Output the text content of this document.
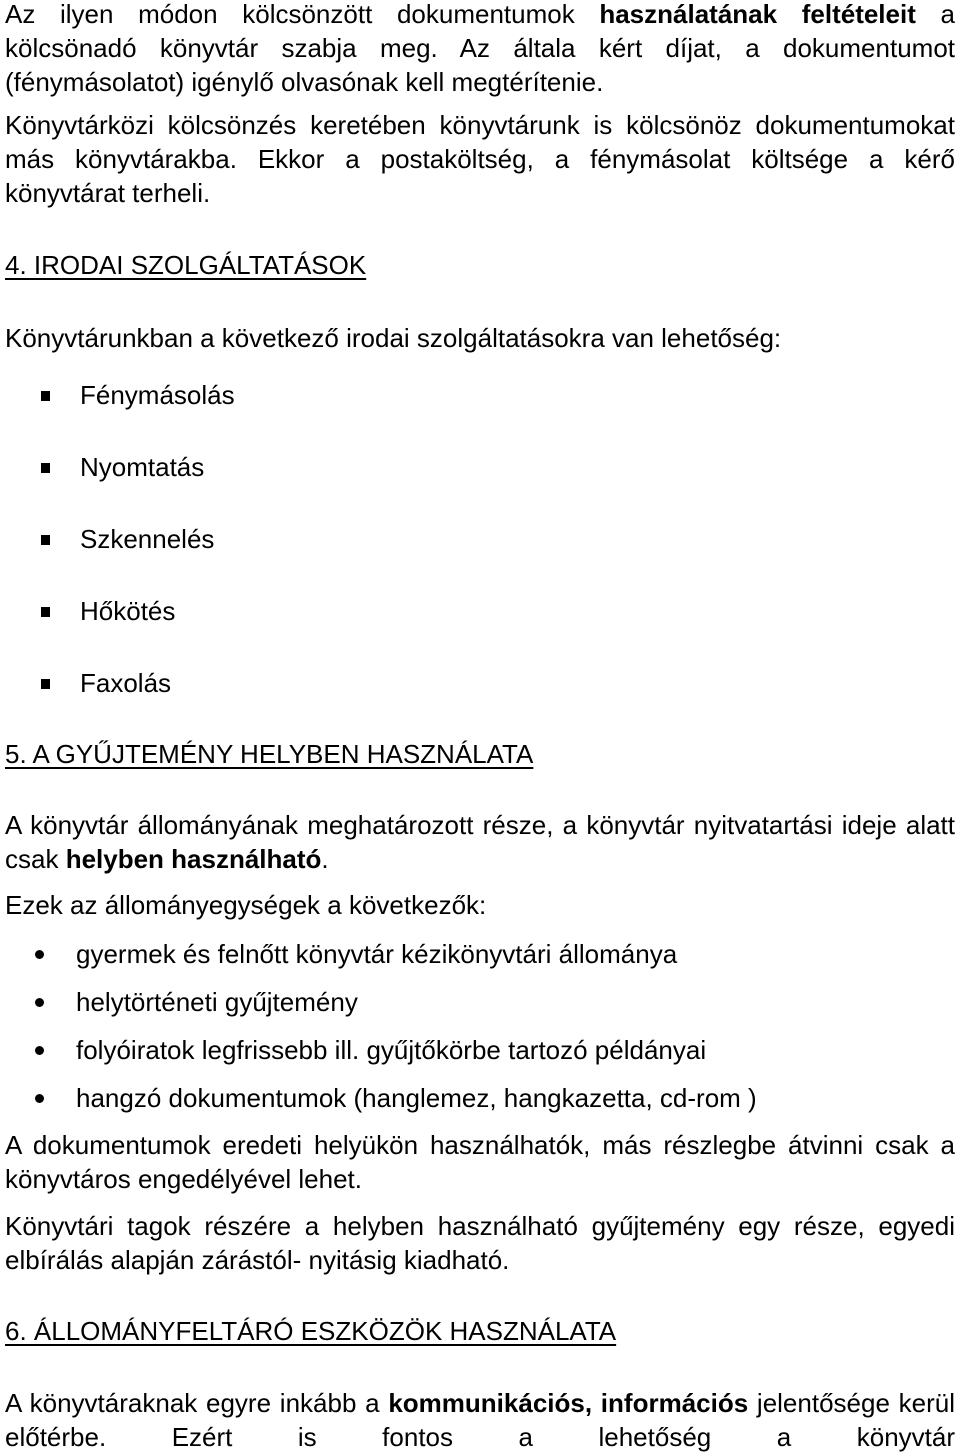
Az ilyen módon kölcsönzött dokumentumok használatának feltételeit a kölcsönadó könyvtár szabja meg. Az általa kért díjat, a dokumentumot (fénymásolatot) igénylő olvasónak kell megtérítenie.

Könyvtárközi kölcsönzés keretében könyvtárunk is kölcsönöz dokumentumokat más könyvtárakba. Ekkor a postaköltség, a fénymásolat költsége a kérő könyvtárat terheli.

4. IRODAI SZOLGÁLTATÁSOK

Könyvtárunkban a következő irodai szolgáltatásokra van lehetőség:

Fénymásolás
Nyomtatás
Szkennelés
Hőkötés
Faxolás
5. A GYŰJTEMÉNY HELYBEN HASZNÁLATA

A könyvtár állományának meghatározott része, a könyvtár nyitvatartási ideje alatt csak helyben használható.

Ezek az állományegységek a következők:

gyermek és felnőtt könyvtár kézikönyvtári állománya
helytörténeti gyűjtemény
folyóiratok legfrissebb ill. gyűjtőkörbe tartozó példányai
hangzó dokumentumok (hanglemez, hangkazetta, cd-rom )

A dokumentumok eredeti helyükön használhatók, más részlegbe átvinni csak a könyvtáros engedélyével lehet.

Könyvtári tagok részére a helyben használható gyűjtemény egy része, egyedi elbírálás alapján zárástól- nyitásig kiadható.

6. ÁLLOMÁNYFELTÁRÓ ESZKÖZÖK HASZNÁLATA

A könyvtáraknak egyre inkább a kommunikációs, információs jelentősége kerül előtérbe. Ezért is fontos a lehetőség a könyvtár
